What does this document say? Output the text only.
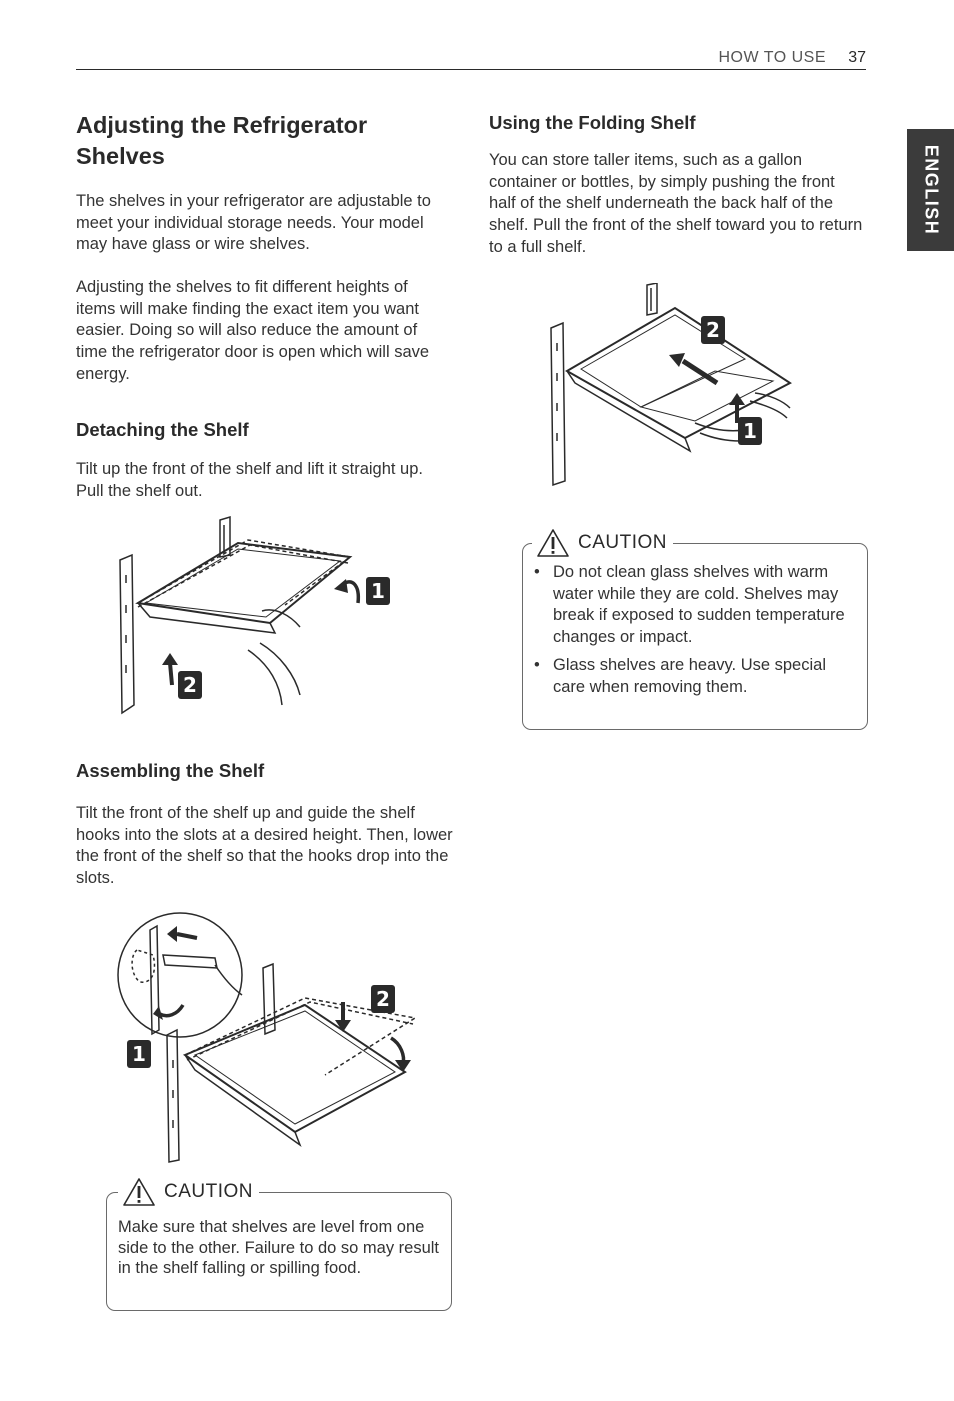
HOW TO USE 37
ENGLISH
Adjusting the Refrigerator Shelves

The shelves in your refrigerator are adjustable to meet your individual storage needs. Your model may have glass or wire shelves.

Adjusting the shelves to fit different heights of items will make finding the exact item you want easier. Doing so will also reduce the amount of time the refrigerator door is open which will save energy.

Detaching the Shelf

Tilt up the front of the shelf and lift it straight up. Pull the shelf out.

1
2
Assembling the Shelf

Tilt the front of the shelf up and guide the shelf hooks into the slots at a desired height. Then, lower the front of the shelf so that the hooks drop into the slots.

1
2
CAUTION

Make sure that shelves are level from one side to the other. Failure to do so may result in the shelf falling or spilling food.

Using the Folding Shelf

You can store taller items, such as a gallon container or bottles, by simply pushing the front half of the shelf underneath the back half of the shelf. Pull the front of the shelf toward you to return to a full shelf.

2
1
CAUTION
• Do not clean glass shelves with warm water while they are cold. Shelves may break if exposed to sudden temperature changes or impact.
• Glass shelves are heavy. Use special care when removing them.
